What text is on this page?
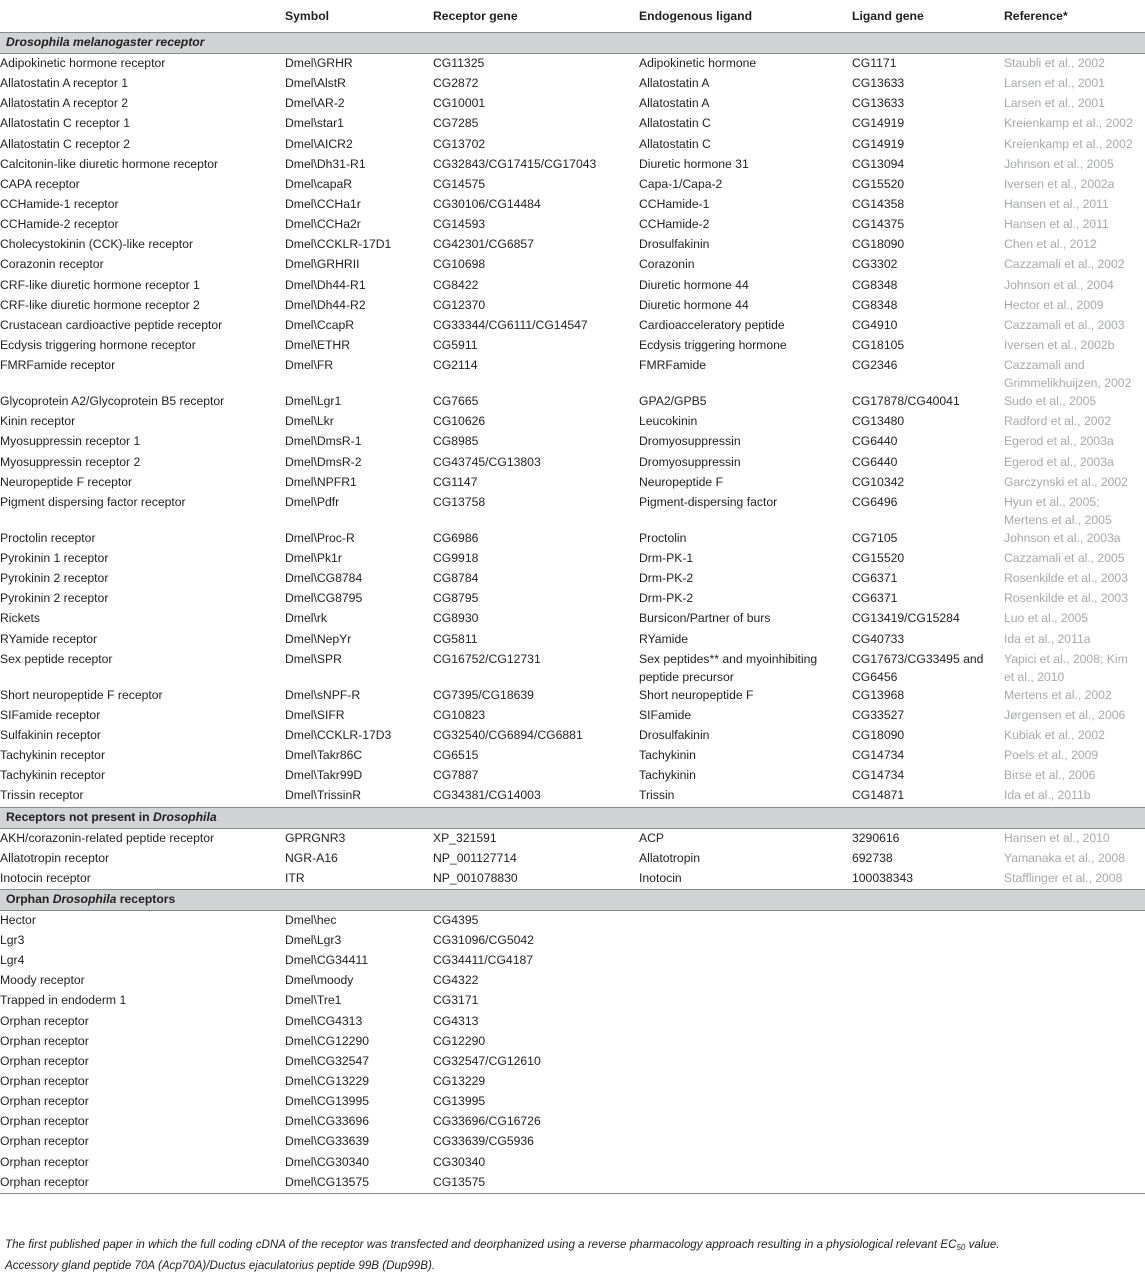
	Symbol	Receptor gene	Endogenous ligand	Ligand gene	Reference*
Drosophila melanogaster receptor					
Adipokinetic hormone receptor	Dmel\GRHR	CG11325	Adipokinetic hormone	CG1171	Staubli et al., 2002
Allatostatin A receptor 1	Dmel\AlstR	CG2872	Allatostatin A	CG13633	Larsen et al., 2001
Allatostatin A receptor 2	Dmel\AR-2	CG10001	Allatostatin A	CG13633	Larsen et al., 2001
Allatostatin C receptor 1	Dmel\star1	CG7285	Allatostatin C	CG14919	Kreienkamp et al., 2002
Allatostatin C receptor 2	Dmel\AICR2	CG13702	Allatostatin C	CG14919	Kreienkamp et al., 2002
Calcitonin-like diuretic hormone receptor	Dmel\Dh31-R1	CG32843/CG17415/CG17043	Diuretic hormone 31	CG13094	Johnson et al., 2005
CAPA receptor	Dmel\capaR	CG14575	Capa-1/Capa-2	CG15520	Iversen et al., 2002a
CCHamide-1 receptor	Dmel\CCHa1r	CG30106/CG14484	CCHamide-1	CG14358	Hansen et al., 2011
CCHamide-2 receptor	Dmel\CCHa2r	CG14593	CCHamide-2	CG14375	Hansen et al., 2011
Cholecystokinin (CCK)-like receptor	Dmel\CCKLR-17D1	CG42301/CG6857	Drosulfakinin	CG18090	Chen et al., 2012
Corazonin receptor	Dmel\GRHRII	CG10698	Corazonin	CG3302	Cazzamali et al., 2002
CRF-like diuretic hormone receptor 1	Dmel\Dh44-R1	CG8422	Diuretic hormone 44	CG8348	Johnson et al., 2004
CRF-like diuretic hormone receptor 2	Dmel\Dh44-R2	CG12370	Diuretic hormone 44	CG8348	Hector et al., 2009
Crustacean cardioactive peptide receptor	Dmel\CcapR	CG33344/CG6111/CG14547	Cardioacceleratory peptide	CG4910	Cazzamali et al., 2003
Ecdysis triggering hormone receptor	Dmel\ETHR	CG5911	Ecdysis triggering hormone	CG18105	Iversen et al., 2002b
FMRFamide receptor	Dmel\FR	CG2114	FMRFamide	CG2346	Cazzamali and Grimmelikhuijzen, 2002
Glycoprotein A2/Glycoprotein B5 receptor	Dmel\Lgr1	CG7665	GPA2/GPB5	CG17878/CG40041	Sudo et al., 2005
Kinin receptor	Dmel\Lkr	CG10626	Leucokinin	CG13480	Radford et al., 2002
Myosuppressin receptor 1	Dmel\DmsR-1	CG8985	Dromyosuppressin	CG6440	Egerod et al., 2003a
Myosuppressin receptor 2	Dmel\DmsR-2	CG43745/CG13803	Dromyosuppressin	CG6440	Egerod et al., 2003a
Neuropeptide F receptor	Dmel\NPFR1	CG1147	Neuropeptide F	CG10342	Garczynski et al., 2002
Pigment dispersing factor receptor	Dmel\Pdfr	CG13758	Pigment-dispersing factor	CG6496	Hyun et al., 2005; Mertens et al., 2005
Proctolin receptor	Dmel\Proc-R	CG6986	Proctolin	CG7105	Johnson et al., 2003a
Pyrokinin 1 receptor	Dmel\Pk1r	CG9918	Drm-PK-1	CG15520	Cazzamali et al., 2005
Pyrokinin 2 receptor	Dmel\CG8784	CG8784	Drm-PK-2	CG6371	Rosenkilde et al., 2003
Pyrokinin 2 receptor	Dmel\CG8795	CG8795	Drm-PK-2	CG6371	Rosenkilde et al., 2003
Rickets	Dmel\rk	CG8930	Bursicon/Partner of burs	CG13419/CG15284	Luo et al., 2005
RYamide receptor	Dmel\NepYr	CG5811	RYamide	CG40733	Ida et al., 2011a
Sex peptide receptor	Dmel\SPR	CG16752/CG12731	Sex peptides** and myoinhibiting peptide precursor	CG17673/CG33495 and CG6456	Yapici et al., 2008; Kim et al., 2010
Short neuropeptide F receptor	Dmel\sNPF-R	CG7395/CG18639	Short neuropeptide F	CG13968	Mertens et al., 2002
SIFamide receptor	Dmel\SIFR	CG10823	SIFamide	CG33527	Jørgensen et al., 2006
Sulfakinin receptor	Dmel\CCKLR-17D3	CG32540/CG6894/CG6881	Drosulfakinin	CG18090	Kubiak et al., 2002
Tachykinin receptor	Dmel\Takr86C	CG6515	Tachykinin	CG14734	Poels et al., 2009
Tachykinin receptor	Dmel\Takr99D	CG7887	Tachykinin	CG14734	Birse et al., 2006
Trissin receptor	Dmel\TrissinR	CG34381/CG14003	Trissin	CG14871	Ida et al., 2011b
Receptors not present in Drosophila					
AKH/corazonin-related peptide receptor	GPRGNR3	XP_321591	ACP	3290616	Hansen et al., 2010
Allatotropin receptor	NGR-A16	NP_001127714	Allatotropin	692738	Yamanaka et al., 2008
Inotocin receptor	ITR	NP_001078830	Inotocin	100038343	Stafflinger et al., 2008
Orphan Drosophila receptors					
Hector	Dmel\hec	CG4395			
Lgr3	Dmel\Lgr3	CG31096/CG5042			
Lgr4	Dmel\CG34411	CG34411/CG4187			
Moody receptor	Dmel\moody	CG4322			
Trapped in endoderm 1	Dmel\Tre1	CG3171			
Orphan receptor	Dmel\CG4313	CG4313			
Orphan receptor	Dmel\CG12290	CG12290			
Orphan receptor	Dmel\CG32547	CG32547/CG12610			
Orphan receptor	Dmel\CG13229	CG13229			
Orphan receptor	Dmel\CG13995	CG13995			
Orphan receptor	Dmel\CG33696	CG33696/CG16726			
Orphan receptor	Dmel\CG33639	CG33639/CG5936			
Orphan receptor	Dmel\CG30340	CG30340			
Orphan receptor	Dmel\CG13575	CG13575			
The first published paper in which the full coding cDNA of the receptor was transfected and deorphanized using a reverse pharmacology approach resulting in a physiological relevant $EC_{50}$ value.
Accessory gland peptide 70A (Acp70A)/Ductus ejaculatorius peptide 99B (Dup99B).
